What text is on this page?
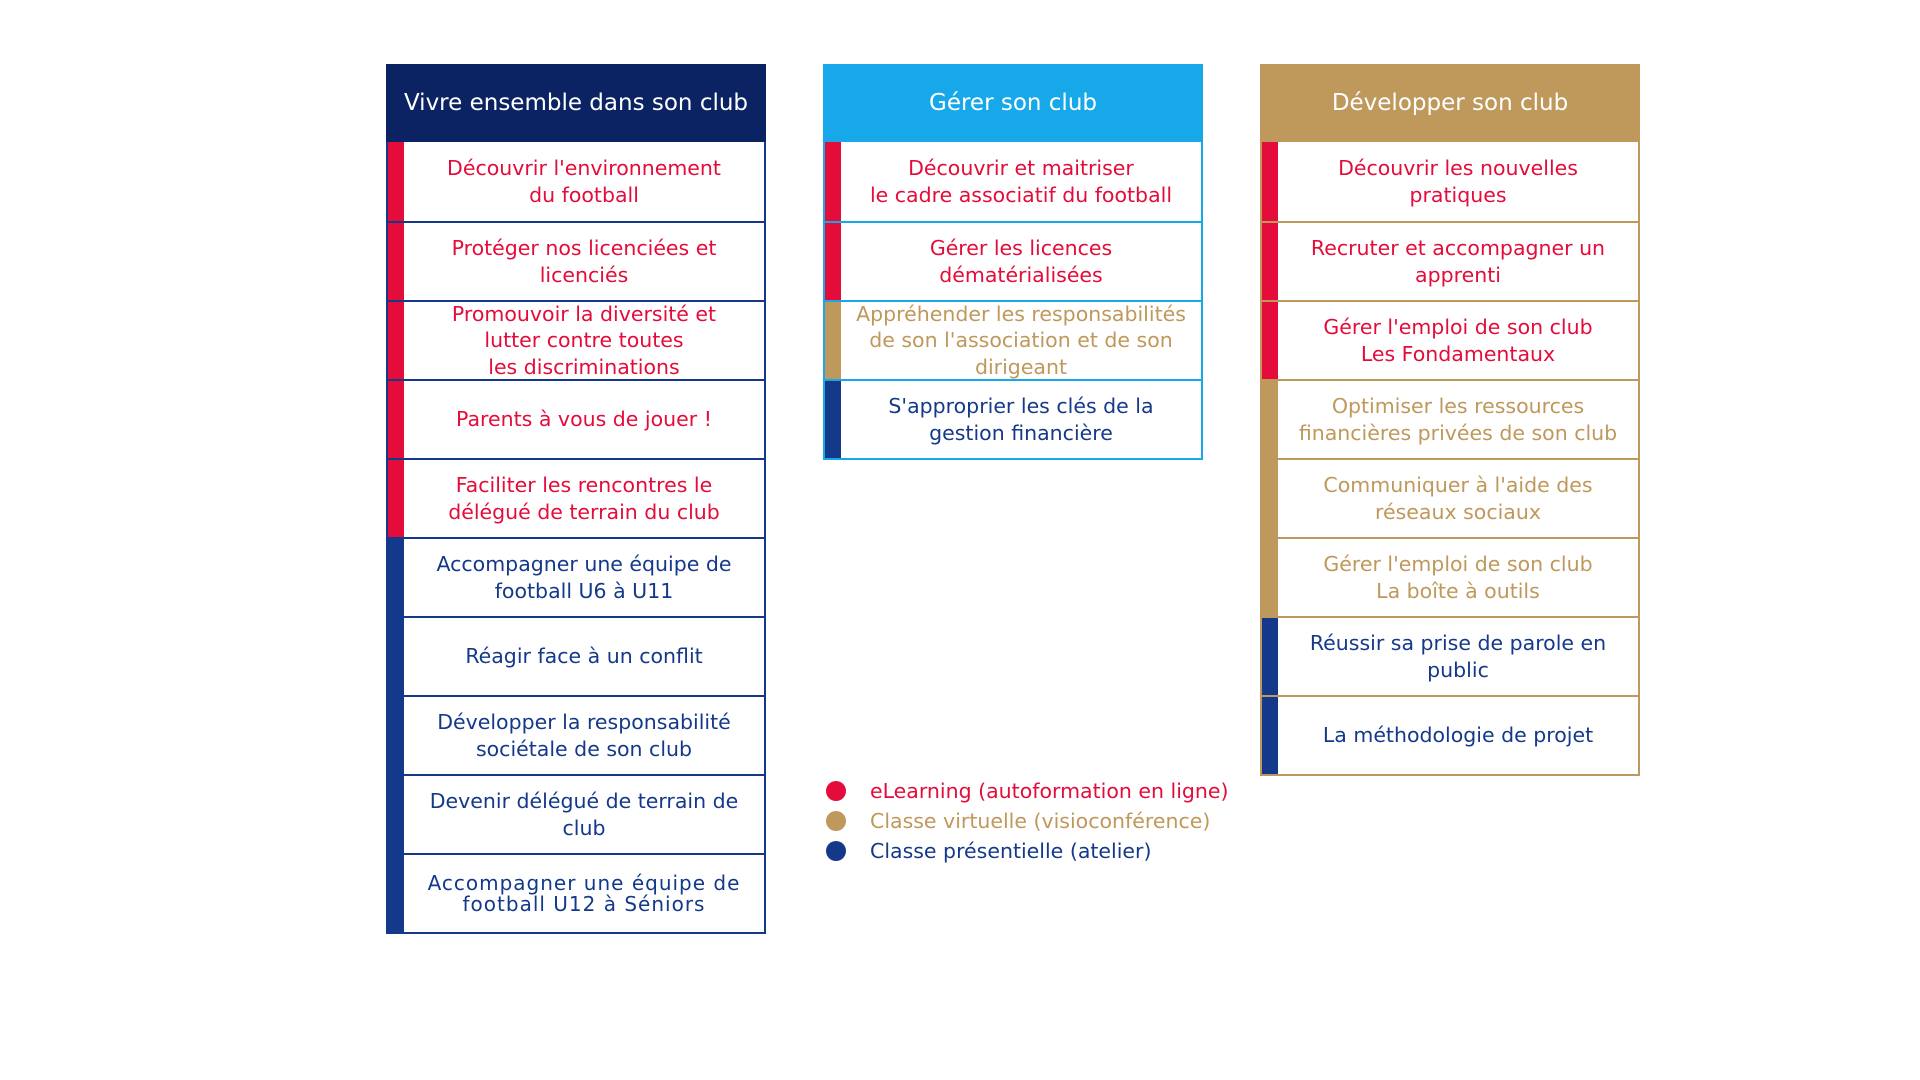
Vivre ensemble dans son club
Découvrir l'environnement
du football
Protéger nos licenciées et
licenciés
Promouvoir la diversité et
lutter contre toutes
les discriminations
Parents à vous de jouer !
Faciliter les rencontres le
délégué de terrain du club
Accompagner une équipe de
football U6 à U11
Réagir face à un conflit
Développer la responsabilité
sociétale de son club
Devenir délégué de terrain de
club
Accompagner une équipe de
football U12 à Séniors
Gérer son club
Découvrir et maitriser
le cadre associatif du football
Gérer les licences
dématérialisées
Appréhender les responsabilités
de son l'association et de son
dirigeant
S'approprier les clés de la
gestion financière
Développer son club
Découvrir les nouvelles
pratiques
Recruter et accompagner un
apprenti
Gérer l'emploi de son club
Les Fondamentaux
Optimiser les ressources
financières privées de son club
Communiquer à l'aide des
réseaux sociaux
Gérer l'emploi de son club
La boîte à outils
Réussir sa prise de parole en
public
La méthodologie de projet
eLearning (autoformation en ligne)
Classe virtuelle (visioconférence)
Classe présentielle (atelier)
